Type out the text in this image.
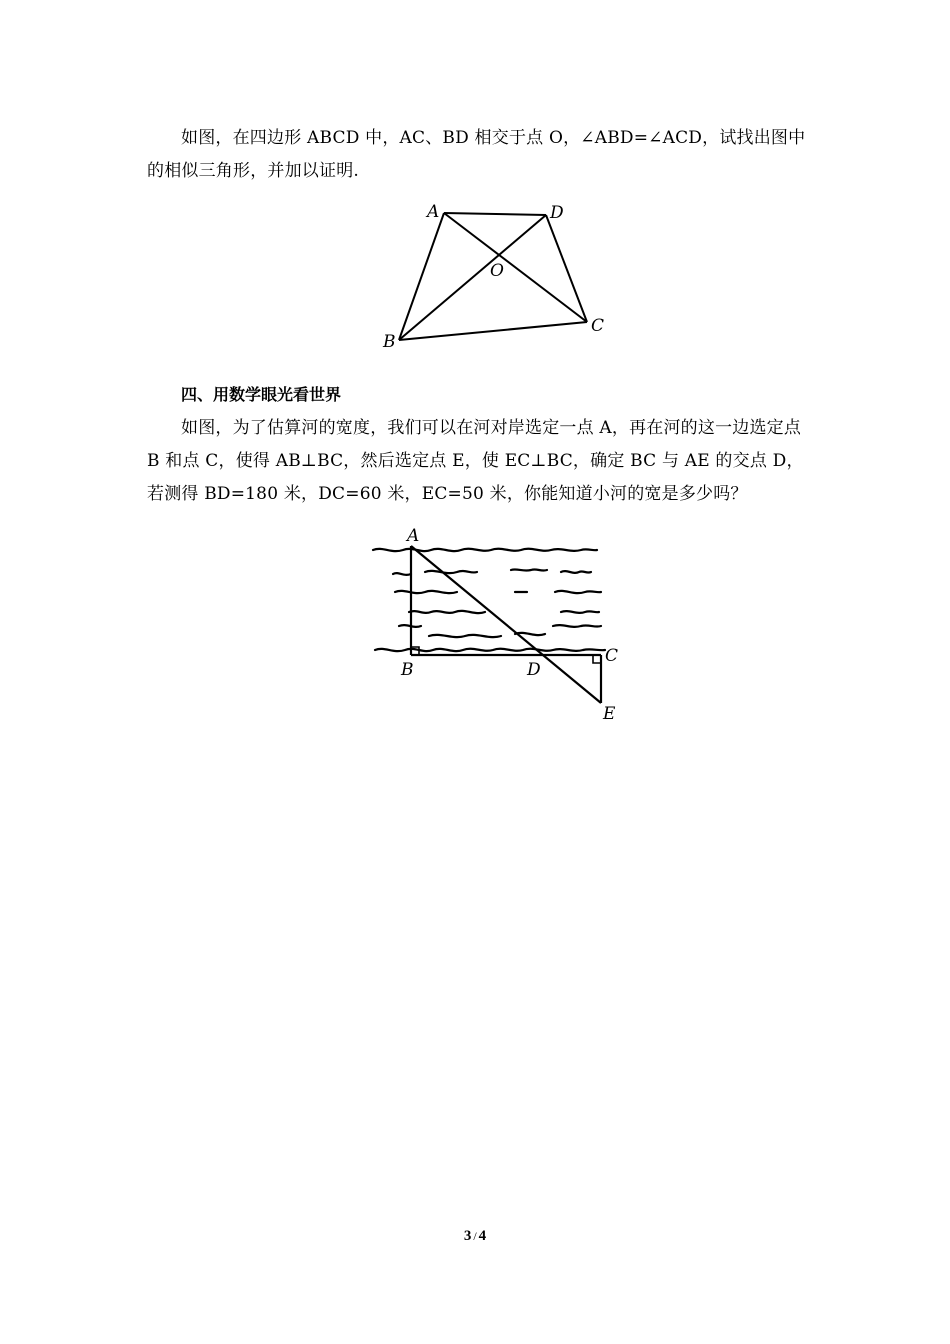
如图，在四边形 ABCD 中，AC、BD 相交于点 O，∠ABD=∠ACD，试找出图中的相似三角形，并加以证明.

A	D
O
B
C

四、用数学眼光看世界

如图，为了估算河的宽度，我们可以在河对岸选定一点 A，再在河的这一边选定点 B 和点 C，使得 AB⊥BC，然后选定点 E，使 EC⊥BC，确定 BC 与 AE 的交点 D，若测得 BD=180 米，DC=60 米，EC=50 米，你能知道小河的宽是多少吗？

A
B	D
C
E
3 / 4
